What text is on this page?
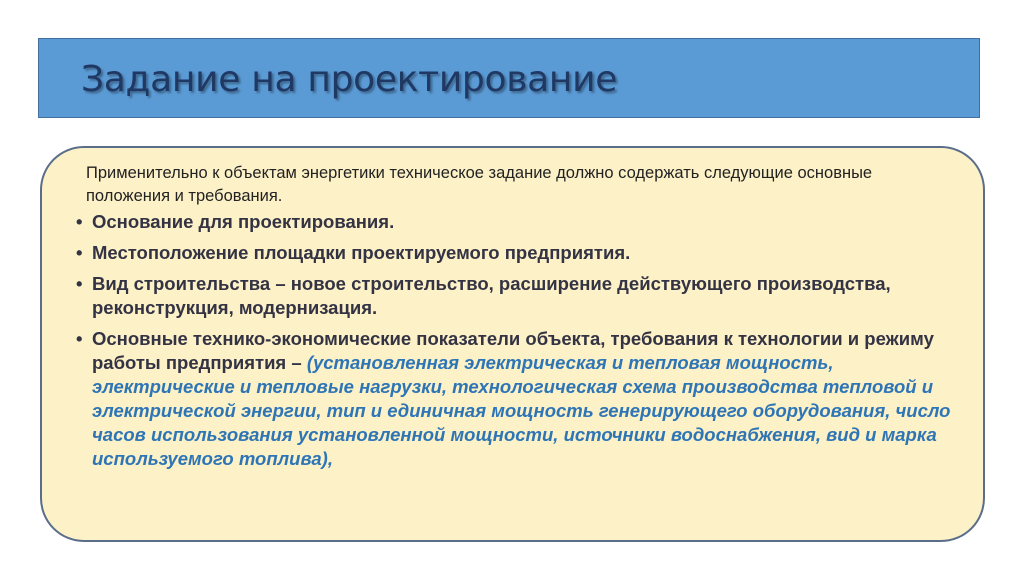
Задание на проектирование

Применительно к объектам энергетики техническое задание должно содержать следующие основные положения и требования.

• Основание для проектирования.
• Местоположение площадки проектируемого предприятия.
• Вид строительства – новое строительство, расширение действующего производства, реконструкция, модернизация.
• Основные технико-экономические показатели объекта, требования к технологии и режиму работы предприятия – (установленная электрическая и тепловая мощность, электрические и тепловые нагрузки, технологическая схема производства тепловой и электрической энергии, тип и единичная мощность генерирующего оборудования, число часов использования установленной мощности, источники водоснабжения, вид и марка используемого топлива),
